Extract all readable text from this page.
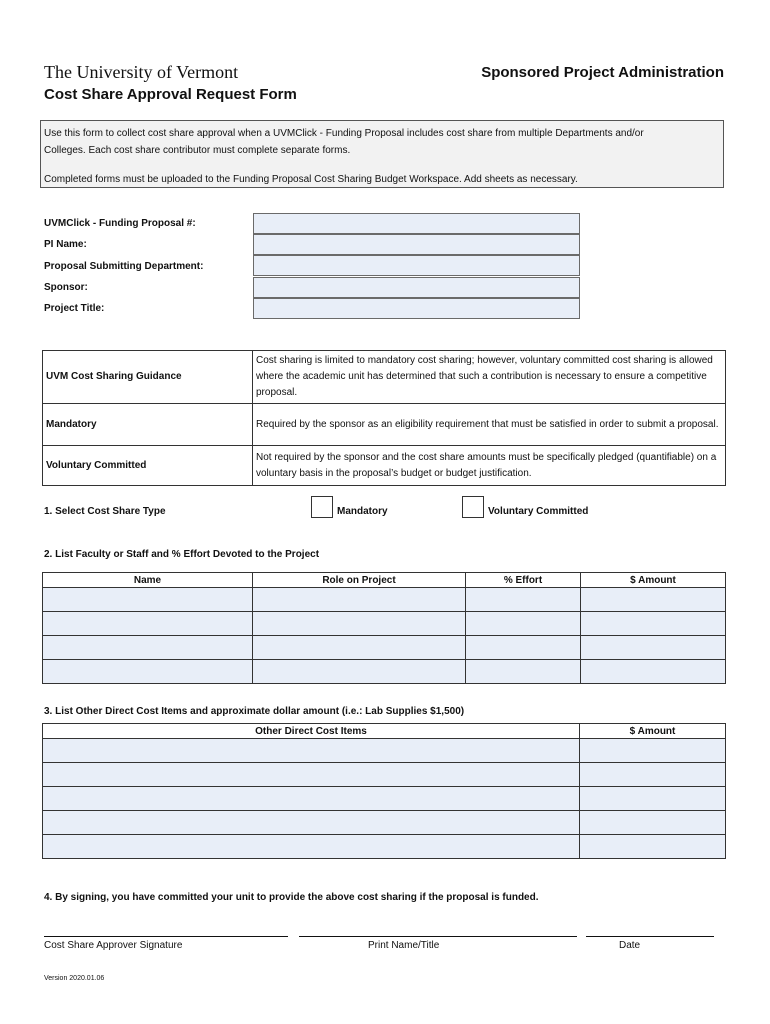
The University of Vermont
Cost Share Approval Request Form
Sponsored Project Administration

Use this form to collect cost share approval when a UVMClick - Funding Proposal includes cost share from multiple Departments and/or

Colleges. Each cost share contributor must complete separate forms.

Completed forms must be uploaded to the Funding Proposal Cost Sharing Budget Workspace. Add sheets as necessary.

UVMClick - Funding Proposal #:
PI Name:
Proposal Submitting Department:
Sponsor:
Project Title:
UVM Cost Sharing Guidance	Cost sharing is limited to mandatory cost sharing; however, voluntary committed cost sharing is allowed where the academic unit has determined that such a contribution is necessary to ensure a competitive proposal.
Mandatory	Required by the sponsor as an eligibility requirement that must be satisfied in order to submit a proposal.
Voluntary Committed	Not required by the sponsor and the cost share amounts must be specifically pledged (quantifiable) on a voluntary basis in the proposal’s budget or budget justification.
1. Select Cost Share Type	Mandatory	Voluntary Committed
2. List Faculty or Staff and % Effort Devoted to the Project
Name	Role on Project	% Effort	$ Amount

3. List Other Direct Cost Items and approximate dollar amount (i.e.: Lab Supplies $1,500)
Other Direct Cost Items	$ Amount

4. By signing, you have committed your unit to provide the above cost sharing if the proposal is funded.
Cost Share Approver Signature	Print Name/Title	Date
Version 2020.01.06
